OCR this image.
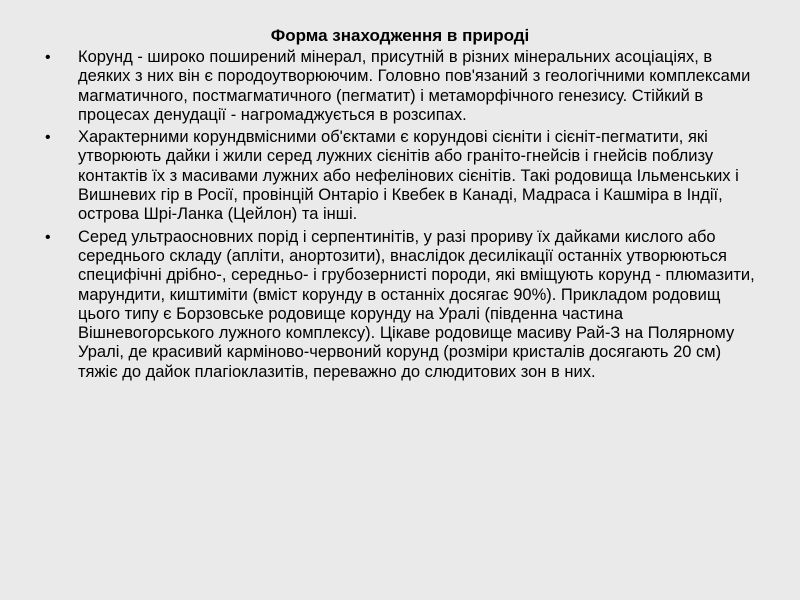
Форма знаходження в природі
• Корунд - широко поширений мінерал, присутній в різних мінеральних асоціаціях, в деяких з них він є породоутворюючим. Головно пов'язаний з геологічними комплексами магматичного, постмагматичного (пегматит) і метаморфічного генезису. Стійкий в процесах денудації - нагромаджується в розсипах.
• Характерними корундвмісними об'єктами є корундові сієніти і сієніт-пегматити, які утворюють дайки і жили серед лужних сієнітів або граніто-гнейсів і гнейсів поблизу контактів їх з масивами лужних або нефелінових сієнітів. Такі родовища Ільменських і Вишневих гір в Росії, провінцій Онтаріо і Квебек в Канаді, Мадраса і Кашміра в Індії, острова Шрі-Ланка (Цейлон) та інші.
• Серед ультраосновних порід і серпентинітів, у разі прориву їх дайками кислого або середнього складу (апліти, анортозити), внаслідок десилікації останніх утворюються специфічні дрібно-, середньо- і грубозернисті породи, які вміщують корунд - плюмазити, марундити, киштиміти (вміст корунду в останніх досягає 90%). Прикладом родовищ цього типу є Борзовське родовище корунду на Уралі (південна частина Вішневогорського лужного комплексу). Цікаве родовище масиву Рай-З на Полярному Уралі, де красивий карміново-червоний корунд (розміри кристалів досягають 20 см) тяжіє до дайок плагіоклазитів, переважно до слюдитових зон в них.
